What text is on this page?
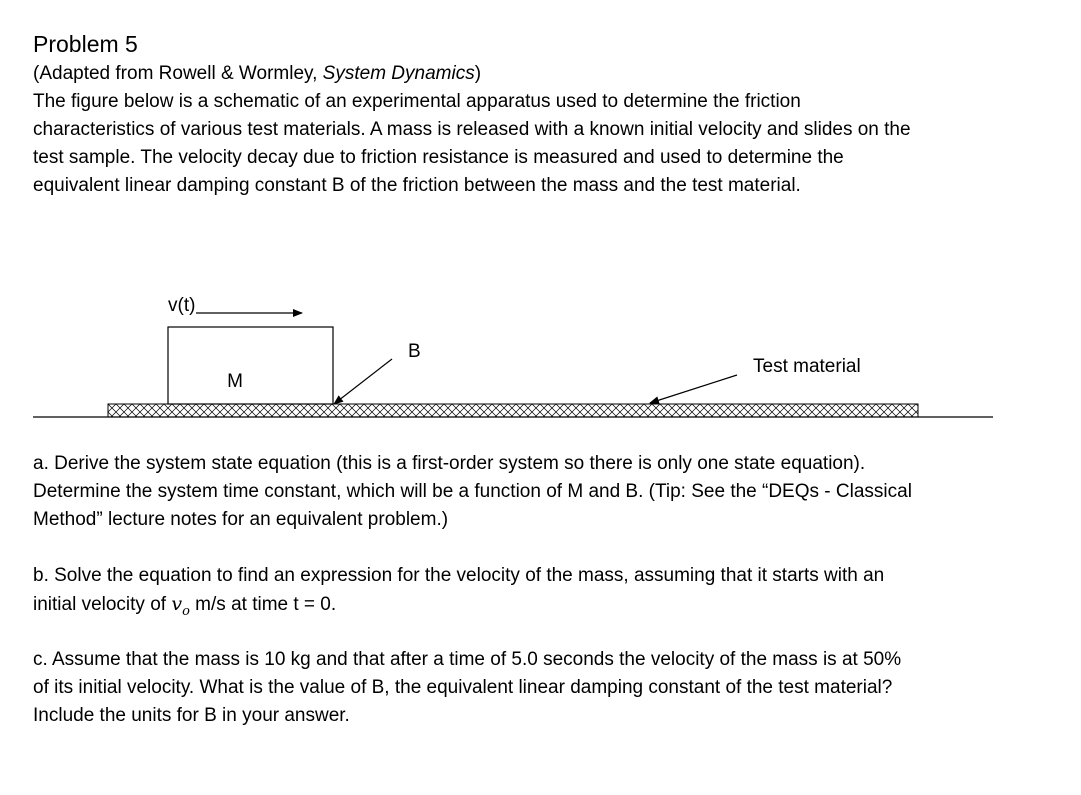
Problem 5

(Adapted from Rowell & Wormley, System Dynamics)

The figure below is a schematic of an experimental apparatus used to determine the friction
characteristics of various test materials. A mass is released with a known initial velocity and slides on the
test sample. The velocity decay due to friction resistance is measured and used to determine the
equivalent linear damping constant B of the friction between the mass and the test material.
M
v(t)
B
Test material
a. Derive the system state equation (this is a first-order system so there is only one state equation).
Determine the system time constant, which will be a function of M and B. (Tip: See the “DEQs - Classical
Method” lecture notes for an equivalent problem.)
b. Solve the equation to find an expression for the velocity of the mass, assuming that it starts with an
initial velocity of $v_o$ m/s at time t = 0.
c. Assume that the mass is 10 kg and that after a time of 5.0 seconds the velocity of the mass is at 50%
of its initial velocity. What is the value of B, the equivalent linear damping constant of the test material?
Include the units for B in your answer.
